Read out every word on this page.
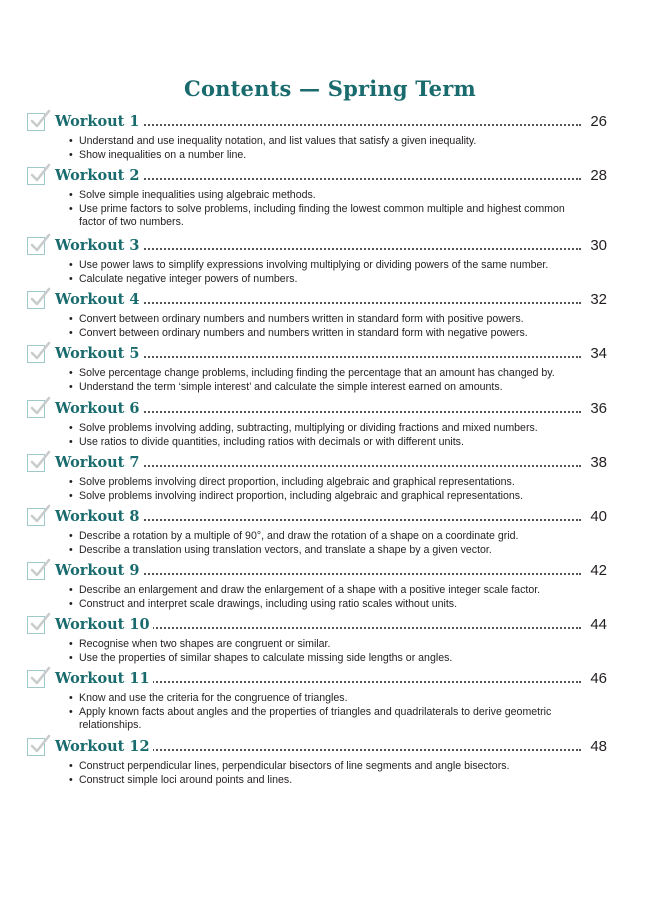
Contents — Spring Term
Workout 1	26
• Understand and use inequality notation, and list values that satisfy a given inequality.
• Show inequalities on a number line.
Workout 2	28
• Solve simple inequalities using algebraic methods.
• Use prime factors to solve problems, including finding the lowest common multiple and highest common factor of two numbers.
Workout 3	30
• Use power laws to simplify expressions involving multiplying or dividing powers of the same number.
• Calculate negative integer powers of numbers.
Workout 4	32
• Convert between ordinary numbers and numbers written in standard form with positive powers.
• Convert between ordinary numbers and numbers written in standard form with negative powers.
Workout 5	34
• Solve percentage change problems, including finding the percentage that an amount has changed by.
• Understand the term ‘simple interest’ and calculate the simple interest earned on amounts.
Workout 6	36
• Solve problems involving adding, subtracting, multiplying or dividing fractions and mixed numbers.
• Use ratios to divide quantities, including ratios with decimals or with different units.
Workout 7	38
• Solve problems involving direct proportion, including algebraic and graphical representations.
• Solve problems involving indirect proportion, including algebraic and graphical representations.
Workout 8	40
• Describe a rotation by a multiple of 90°, and draw the rotation of a shape on a coordinate grid.
• Describe a translation using translation vectors, and translate a shape by a given vector.
Workout 9	42
• Describe an enlargement and draw the enlargement of a shape with a positive integer scale factor.
• Construct and interpret scale drawings, including using ratio scales without units.
Workout 10	44
• Recognise when two shapes are congruent or similar.
• Use the properties of similar shapes to calculate missing side lengths or angles.
Workout 11	46
• Know and use the criteria for the congruence of triangles.
• Apply known facts about angles and the properties of triangles and quadrilaterals to derive geometric relationships.
Workout 12	48
• Construct perpendicular lines, perpendicular bisectors of line segments and angle bisectors.
• Construct simple loci around points and lines.
